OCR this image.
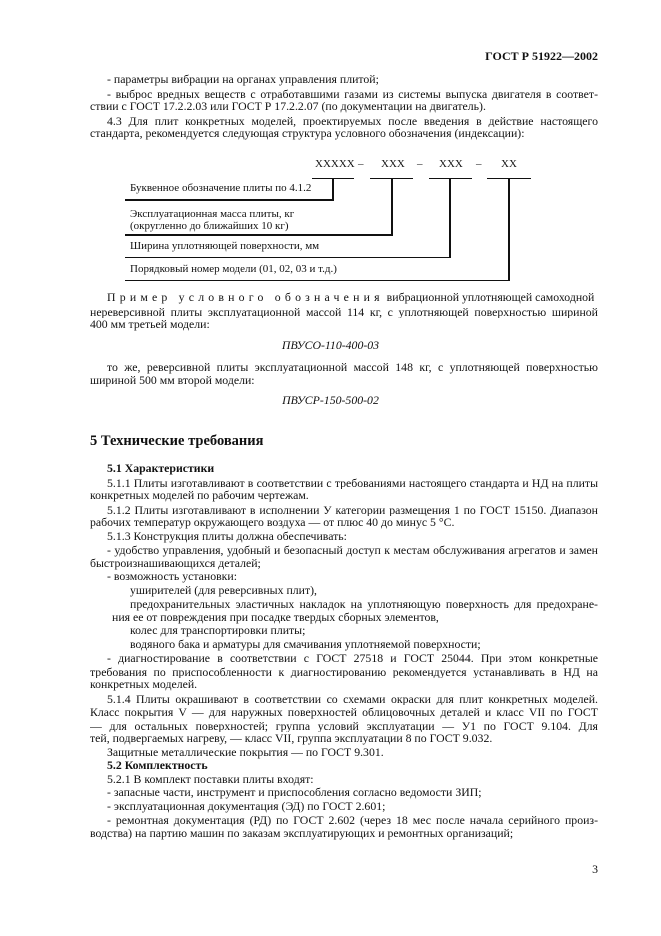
ГОСТ Р 51922—2002
- параметры вибрации на органах управления плитой;
- выброс вредных веществ с отработавшими газами из системы выпуска двигателя в соответ-
ствии с ГОСТ 17.2.2.03 или ГОСТ Р 17.2.2.07 (по документации на двигатель).
4.3 Для плит конкретных моделей, проектируемых после введения в действие настоящего
стандарта, рекомендуется следующая структура условного обозначения (индексации):
XXXXX – XXX – XXX – XX
Буквенное обозначение плиты по 4.1.2
Эксплуатационная масса плиты, кг
(округленно до ближайших 10 кг)
Ширина уплотняющей поверхности, мм
Порядковый номер модели (01, 02, 03 и т.д.)
Пример условного обозначения вибрационной уплотняющей самоходной
нереверсивной плиты эксплуатационной массой 114 кг, с уплотняющей поверхностью шириной
400 мм третьей модели:
ПВУСО-110-400-03
то же, реверсивной плиты эксплуатационной массой 148 кг, с уплотняющей поверхностью
шириной 500 мм второй модели:
ПВУСР-150-500-02
5 Технические требования
5.1 Характеристики
5.1.1 Плиты изготавливают в соответствии с требованиями настоящего стандарта и НД на плиты
конкретных моделей по рабочим чертежам.
5.1.2 Плиты изготавливают в исполнении У категории размещения 1 по ГОСТ 15150. Диапазон
рабочих температур окружающего воздуха — от плюс 40 до минус 5 °С.
5.1.3 Конструкция плиты должна обеспечивать:
- удобство управления, удобный и безопасный доступ к местам обслуживания агрегатов и замен
быстроизнашивающихся деталей;
- возможность установки:
уширителей (для реверсивных плит),
предохранительных эластичных накладок на уплотняющую поверхность для предохране-
ния ее от повреждения при посадке твердых сборных элементов,
колес для транспортировки плиты;
водяного бака и арматуры для смачивания уплотняемой поверхности;
- диагностирование в соответствии с ГОСТ 27518 и ГОСТ 25044. При этом конкретные
требования по приспособленности к диагностированию рекомендуется устанавливать в НД на
конкретных моделей.
5.1.4 Плиты окрашивают в соответствии со схемами окраски для плит конкретных моделей.
Класс покрытия V — для наружных поверхностей облицовочных деталей и класс VII по ГОСТ
— для остальных поверхностей; группа условий эксплуатации — У1 по ГОСТ 9.104. Для
тей, подвергаемых нагреву, — класс VII, группа эксплуатации 8 по ГОСТ 9.032.
Защитные металлические покрытия — по ГОСТ 9.301.
5.2 Комплектность
5.2.1 В комплект поставки плиты входят:
- запасные части, инструмент и приспособления согласно ведомости ЗИП;
- эксплуатационная документация (ЭД) по ГОСТ 2.601;
- ремонтная документация (РД) по ГОСТ 2.602 (через 18 мес после начала серийного произ-
водства) на партию машин по заказам эксплуатирующих и ремонтных организаций;
3
